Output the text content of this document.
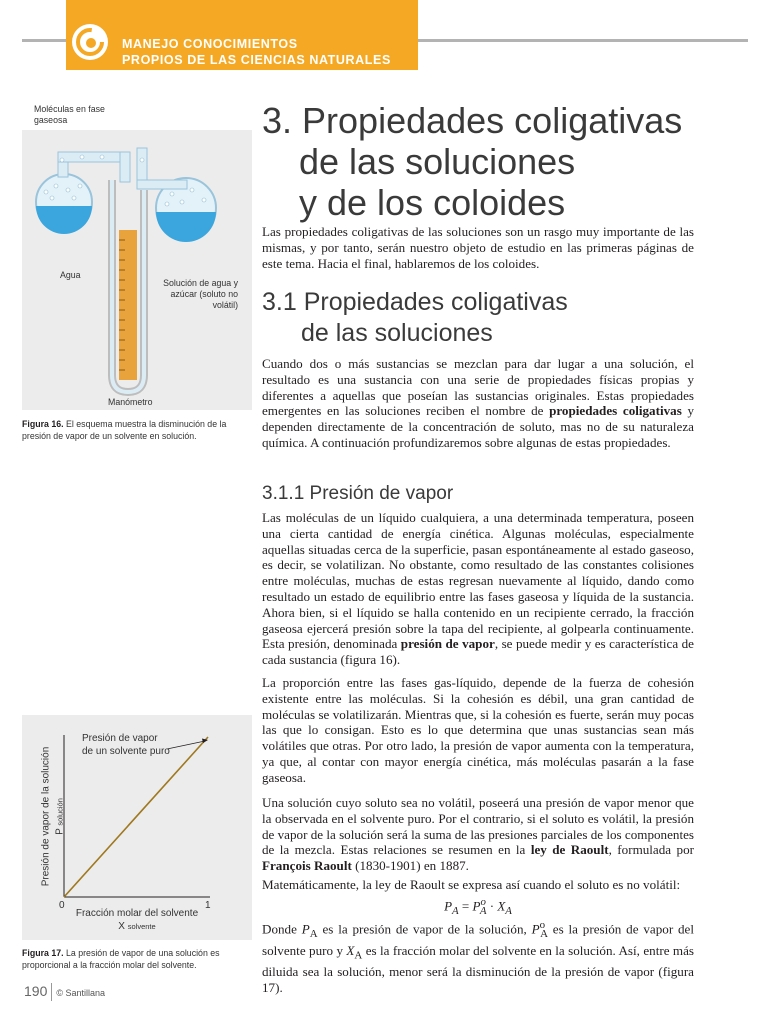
MANEJO CONOCIMIENTOS
PROPIOS DE LAS CIENCIAS NATURALES
3. Propiedades coligativas
de las soluciones
y de los coloides

Las propiedades coligativas de las soluciones son un rasgo muy importante de las mismas, y por tanto, serán nuestro objeto de estudio en las primeras páginas de este tema. Hacia el final, hablaremos de los coloides.

3.1 Propiedades coligativas
de las soluciones

Cuando dos o más sustancias se mezclan para dar lugar a una solución, el resultado es una sustancia con una serie de propiedades físicas propias y diferentes a aquellas que poseían las sustancias originales. Estas propiedades emergentes en las soluciones reciben el nombre de propiedades coligativas y dependen directamente de la concentración de soluto, mas no de su naturaleza química. A continuación profundizaremos sobre algunas de estas propiedades.

3.1.1 Presión de vapor

Las moléculas de un líquido cualquiera, a una determinada temperatura, poseen una cierta cantidad de energía cinética. Algunas moléculas, especialmente aquellas situadas cerca de la superficie, pasan espontáneamente al estado gaseoso, es decir, se volatilizan. No obstante, como resultado de las constantes colisiones entre moléculas, muchas de estas regresan nuevamente al líquido, dando como resultado un estado de equilibrio entre las fases gaseosa y líquida de la sustancia. Ahora bien, si el líquido se halla contenido en un recipiente cerrado, la fracción gaseosa ejercerá presión sobre la tapa del recipiente, al golpearla continuamente. Esta presión, denominada presión de vapor, se puede medir y es característica de cada sustancia (figura 16).

La proporción entre las fases gas-líquido, depende de la fuerza de cohesión existente entre las moléculas. Si la cohesión es débil, una gran cantidad de moléculas se volatilizarán. Mientras que, si la cohesión es fuerte, serán muy pocas las que lo consigan. Esto es lo que determina que unas sustancias sean más volátiles que otras. Por otro lado, la presión de vapor aumenta con la temperatura, ya que, al contar con mayor energía cinética, más moléculas pasarán a la fase gaseosa.

Una solución cuyo soluto sea no volátil, poseerá una presión de vapor menor que la observada en el solvente puro. Por el contrario, si el soluto es volátil, la presión de vapor de la solución será la suma de las presiones parciales de los componentes de la mezcla. Estas relaciones se resumen en la ley de Raoult, formulada por François Raoult (1830-1901) en 1887.

Matemáticamente, la ley de Raoult se expresa así cuando el soluto es no volátil:

$P_A = P^o_A \cdot X_A$

Donde $P_A$ es la presión de vapor de la solución, $P^o_A$ es la presión de vapor del solvente puro y $X_A$ es la fracción molar del solvente en la solución. Así, entre más diluida sea la solución, menor será la disminución de la presión de vapor (figura 17).

Moléculas en fase gaseosa
Agua
Solución de agua y azúcar (soluto no volátil)
Manómetro
Figura 16. El esquema muestra la disminución de la presión de vapor de un solvente en solución.
Presión de vapor
de un solvente puro
Presión de vapor de la solución P solución
0	1
Fracción molar del solvente
X solvente
Figura 17. La presión de vapor de una solución es proporcional a la fracción molar del solvente.
190 © Santillana
